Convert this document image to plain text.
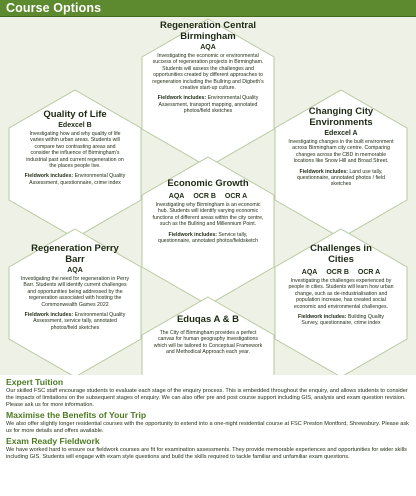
Course Options
Regeneration Central Birmingham
AQA
Investigating the economic or environmental success of regeneration projects in Birmingham. Students will assess the challenges and opportunities created by different approaches to regeneration including the Bullring and Digbeth's creative start-up culture.
Fieldwork includes: Environmental Quality Assessment, transport mapping, annotated photos/field sketches
Quality of Life
Edexcel B
Investigating how and why quality of life varies within urban areas. Students will compare two contrasting areas and consider the influence of Birmingham's industrial past and current regeneration on the places people live.
Fieldwork includes: Environmental Quality Assessment, questionnaire, crime index
Changing City Environments
Edexcel A
Investigating changes in the built environment across Birmingham city centre. Comparing changes across the CBD in memorable locations like Snow Hill and Broad Street.
Fieldwork includes: Land use tally, questionnaire, annotated photos / field sketches
Economic Growth
AQA OCR B OCR A
Investigating why Birmingham is an economic hub. Students will identify varying economic functions of different areas within the city centre, such as the Bullring and Millennium Point.
Fieldwork includes: Service tally, questionnaire, annotated photos/fieldsketch
Regeneration Perry Barr
AQA
Investigating the need for regeneration in Perry Barr. Students will identify current challenges and opportunities being addressed by the regeneration associated with hosting the Commonwealth Games 2022
Fieldwork includes: Environmental Quality Assessment, service tally, annotated photos/field sketches
Challenges in Cities
AQA OCR B OCR A
Investigating the challenges experienced by people in cities. Students will learn how urban change, such as de-industrialisation and population increase, has created social economic and environmental challenges.
Fieldwork includes: Building Quality Survey, questionnaire, crime index
Eduqas A & B
The City of Birmingham provides a perfect canvas for human geography investigations which will be tailored to Conceptual Framework and Methodical Approach each year.
Expert Tuition

Our skilled FSC staff encourage students to evaluate each stage of the enquiry process. This is embedded throughout the enquiry, and allows students to consider the impacts of limitations on the subsequent stages of enquiry. We can also offer pre and post course support including GIS, analysis and exam question revision. Please ask us for more information.

Maximise the Benefits of Your Trip

We also offer slightly longer residential courses with the opportunity to extend into a one-night residential course at FSC Preston Montford, Shrewsbury. Please ask us for more details and offers available.

Exam Ready Fieldwork

We have worked hard to ensure our fieldwork courses are fit for examination assessments. They provide memorable experiences and opportunities for wider skills including GIS. Students will engage with exam style questions and build the skills required to tackle familiar and unfamiliar exam questions.
